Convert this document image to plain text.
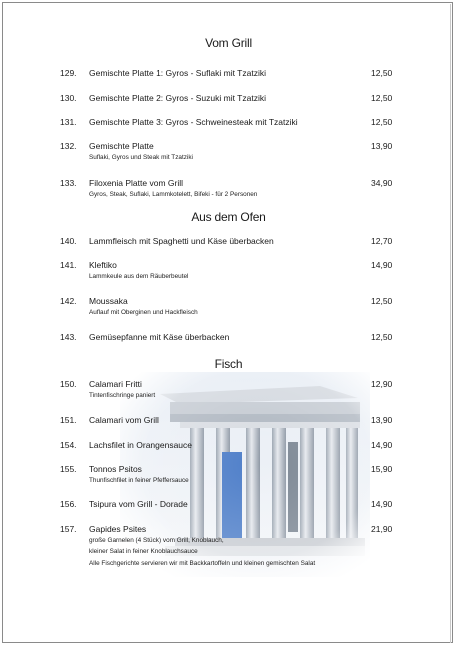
Vom Grill
129. Gemischte Platte 1: Gyros - Suflaki mit Tzatziki	12,50
130. Gemischte Platte 2: Gyros - Suzuki mit Tzatziki	12,50
131. Gemischte Platte 3: Gyros - Schweinesteak mit Tzatziki	12,50
132. Gemischte Platte	13,90
Suflaki, Gyros und Steak mit Tzatziki
133. Filoxenia Platte vom Grill	34,90
Gyros, Steak, Suflaki, Lammkotelett, Bifeki - für 2 Personen
Aus dem Ofen
140. Lammfleisch mit Spaghetti und Käse überbacken	12,70
141. Kleftiko	14,90
Lammkeule aus dem Räuberbeutel
142. Moussaka	12,50
Auflauf mit Oberginen und Hackfleisch
143. Gemüsepfanne mit Käse überbacken	12,50
Fisch
150. Calamari Fritti	12,90
Tintenfischringe paniert
151. Calamari vom Grill	13,90
154. Lachsfilet in Orangensauce	14,90
155. Tonnos Psitos	15,90
Thunfischfilet in feiner Pfeffersauce
156. Tsipura vom Grill - Dorade	14,90
157. Gapides Psites	21,90
große Garnelen (4 Stück) vom Grill, Knoblauch,
kleiner Salat in feiner Knoblauchsauce
Alle Fischgerichte servieren wir mit Backkartoffeln und kleinen gemischten Salat
